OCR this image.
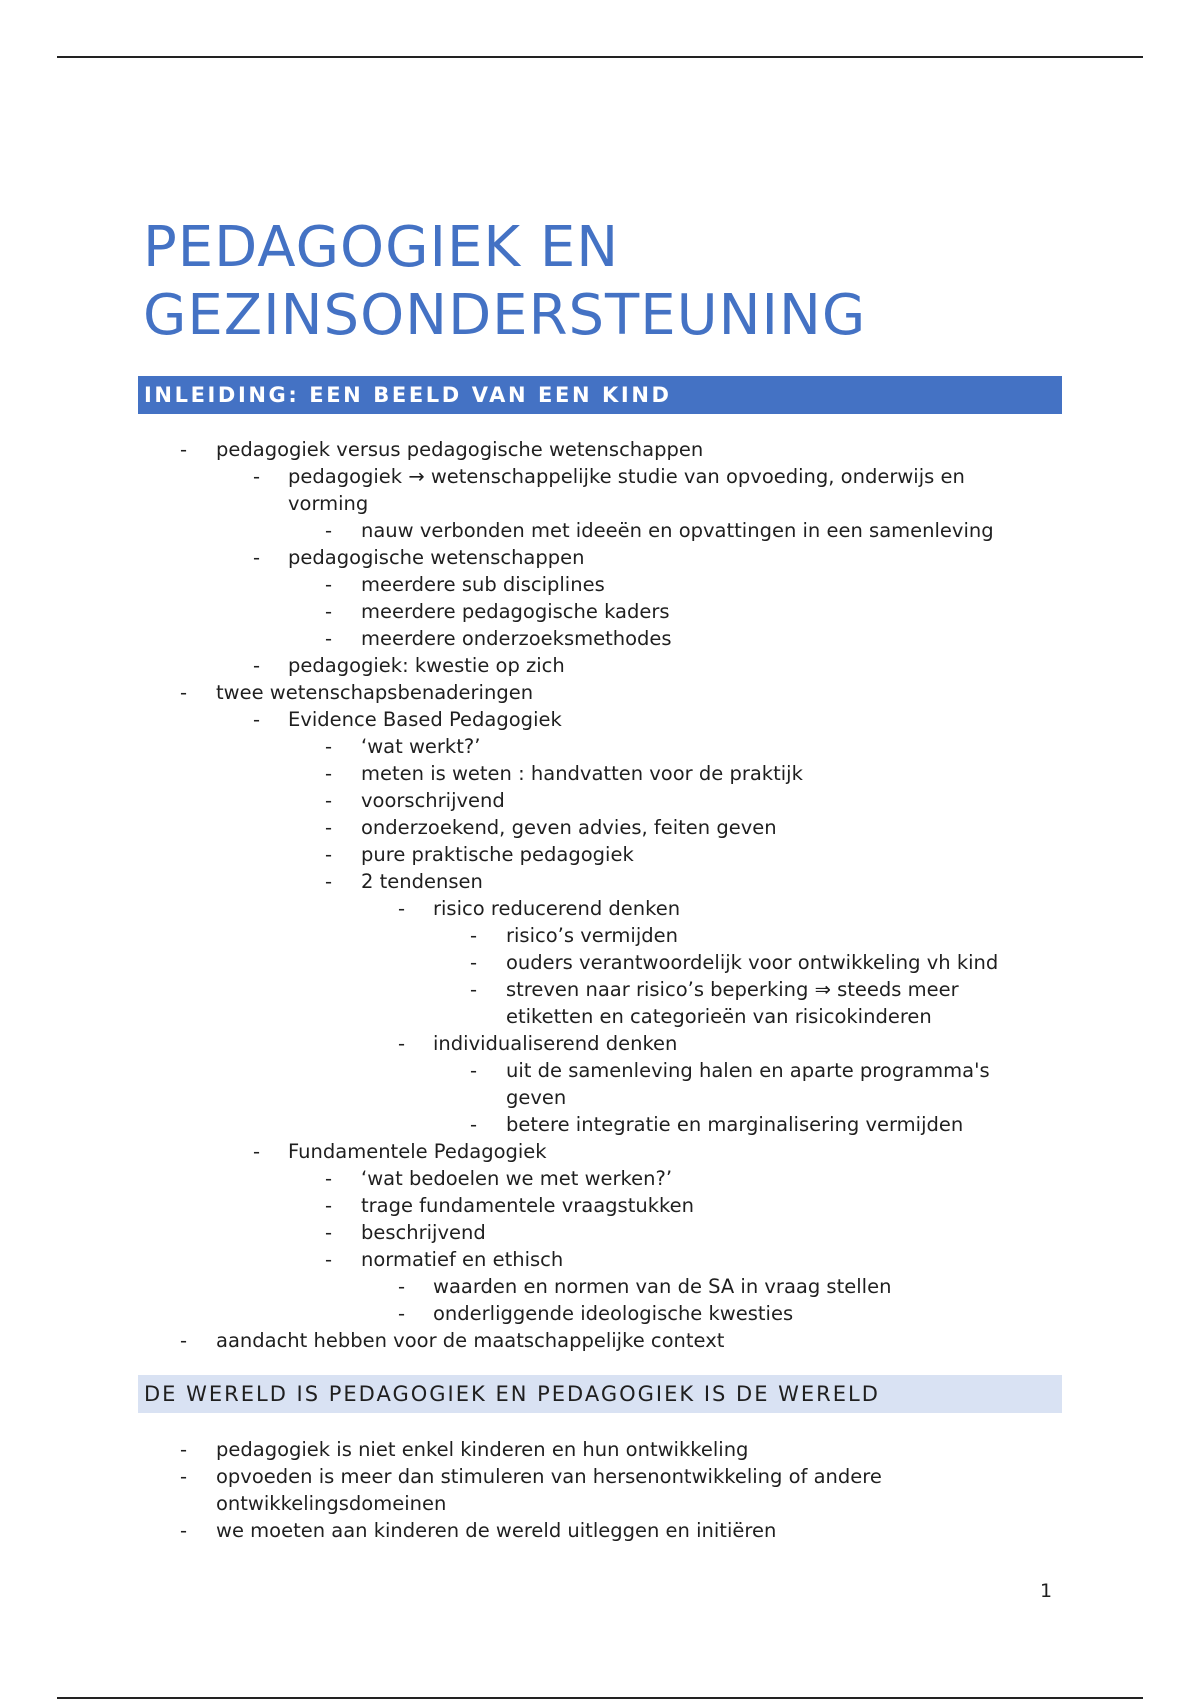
PEDAGOGIEK EN
GEZINSONDERSTEUNING
INLEIDING: EEN BEELD VAN EEN KIND
- pedagogiek versus pedagogische wetenschappen
- pedagogiek → wetenschappelijke studie van opvoeding, onderwijs en vorming
- nauw verbonden met ideeën en opvattingen in een samenleving
- pedagogische wetenschappen
- meerdere sub disciplines
- meerdere pedagogische kaders
- meerdere onderzoeksmethodes
- pedagogiek: kwestie op zich
- twee wetenschapsbenaderingen
- Evidence Based Pedagogiek
- ‘wat werkt?’
- meten is weten : handvatten voor de praktijk
- voorschrijvend
- onderzoekend, geven advies, feiten geven
- pure praktische pedagogiek
- 2 tendensen
- risico reducerend denken
- risico’s vermijden
- ouders verantwoordelijk voor ontwikkeling vh kind
- streven naar risico’s beperking ⇒ steeds meer etiketten en categorieën van risicokinderen
- individualiserend denken
- uit de samenleving halen en aparte programma's geven
- betere integratie en marginalisering vermijden
- Fundamentele Pedagogiek
- ‘wat bedoelen we met werken?’
- trage fundamentele vraagstukken
- beschrijvend
- normatief en ethisch
- waarden en normen van de SA in vraag stellen
- onderliggende ideologische kwesties
- aandacht hebben voor de maatschappelijke context
DE WERELD IS PEDAGOGIEK EN PEDAGOGIEK IS DE WERELD
- pedagogiek is niet enkel kinderen en hun ontwikkeling
- opvoeden is meer dan stimuleren van hersenontwikkeling of andere ontwikkelingsdomeinen
- we moeten aan kinderen de wereld uitleggen en initiëren
1
